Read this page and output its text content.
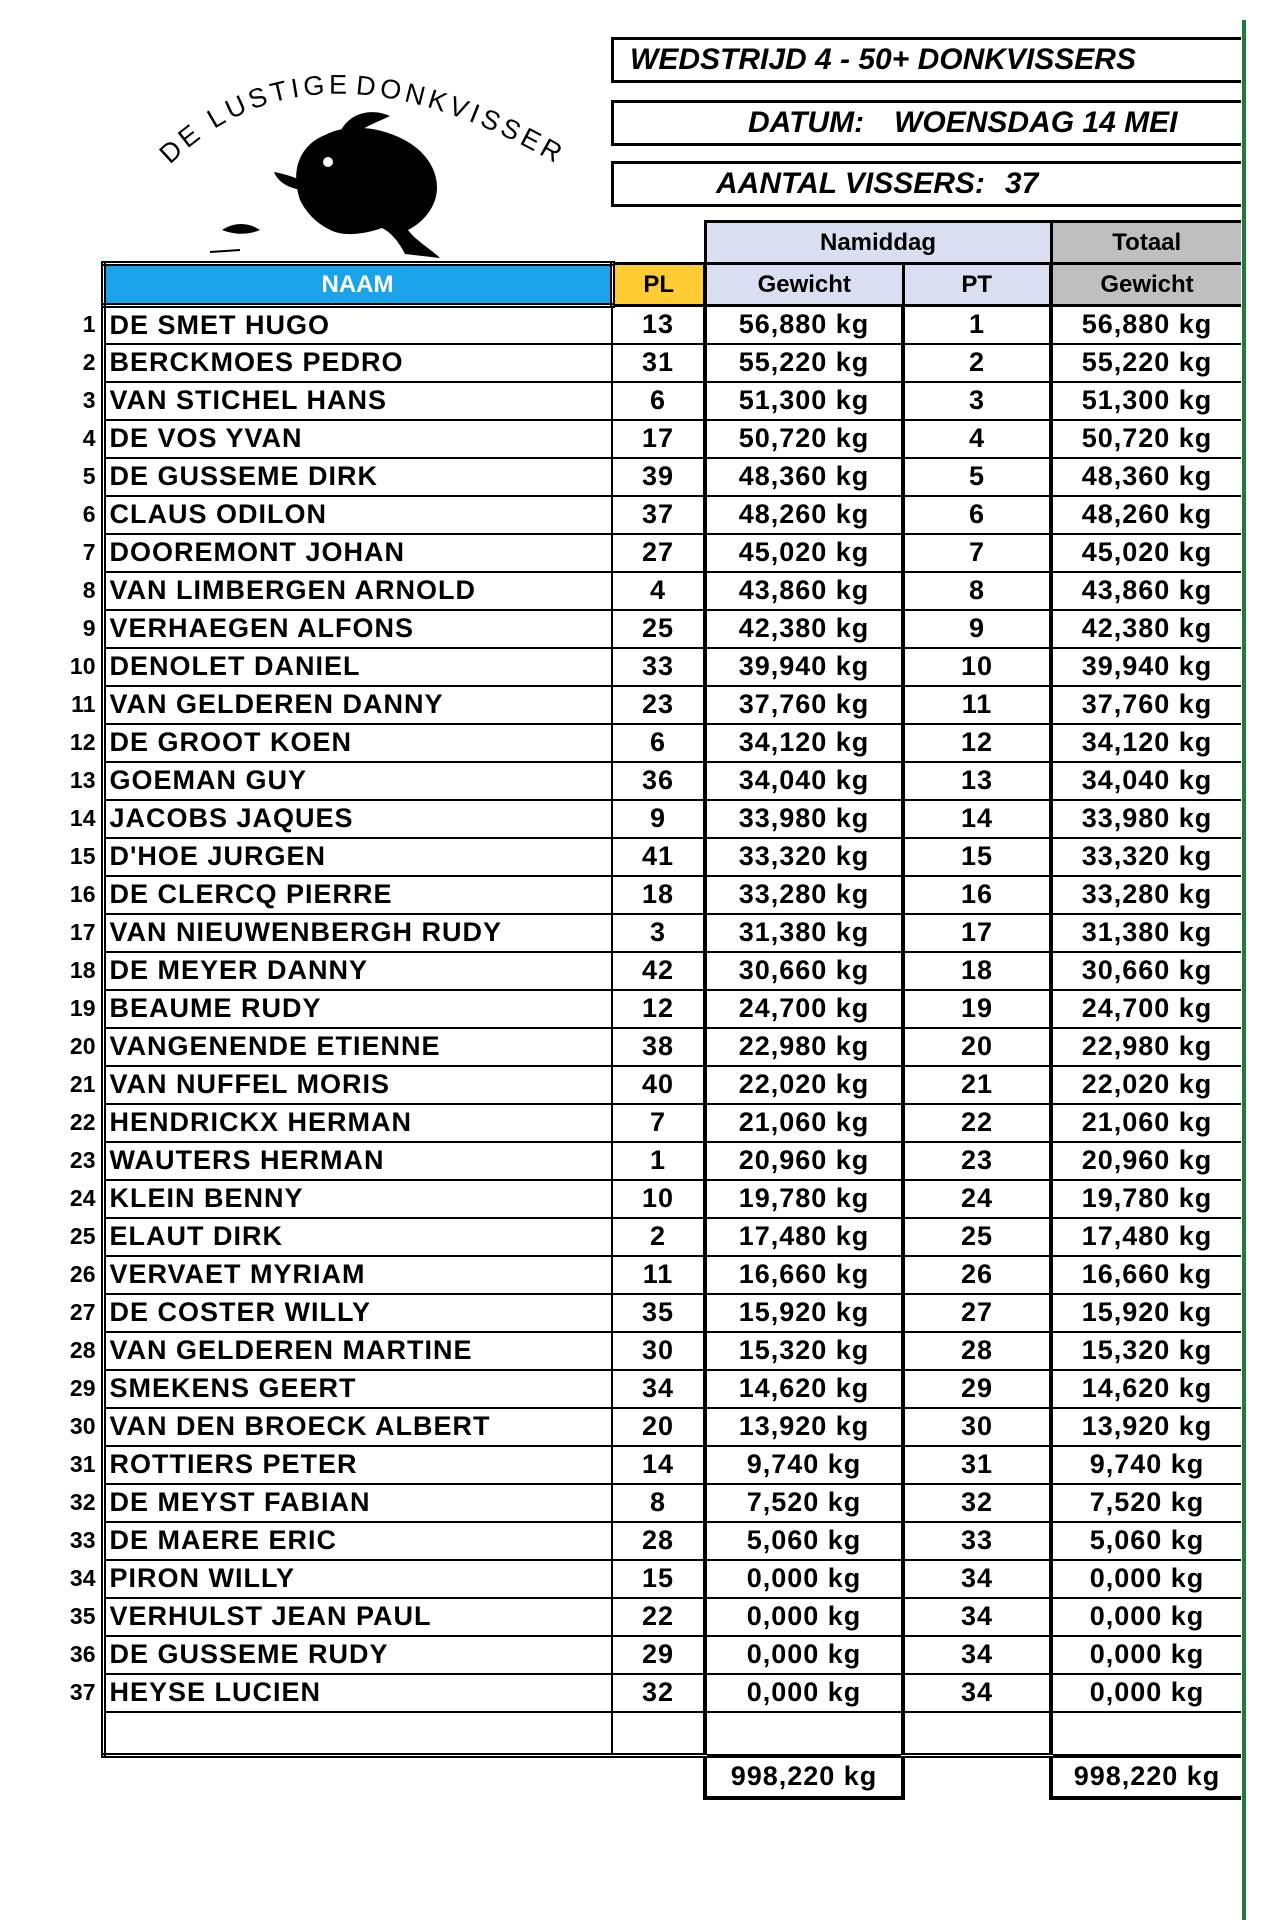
DE LUSTIGE DONKVISSER
WEDSTRIJD 4 - 50+ DONKVISSERS
DATUM: WOENSDAG 14 MEI
AANTAL VISSERS: 37
			Namiddag		Totaal
	NAAM	PL	Gewicht	PT	Gewicht
1	DE SMET HUGO	13	56,880 kg	1	56,880 kg
2	BERCKMOES PEDRO	31	55,220 kg	2	55,220 kg
3	VAN STICHEL HANS	6	51,300 kg	3	51,300 kg
4	DE VOS YVAN	17	50,720 kg	4	50,720 kg
5	DE GUSSEME DIRK	39	48,360 kg	5	48,360 kg
6	CLAUS ODILON	37	48,260 kg	6	48,260 kg
7	DOOREMONT JOHAN	27	45,020 kg	7	45,020 kg
8	VAN LIMBERGEN ARNOLD	4	43,860 kg	8	43,860 kg
9	VERHAEGEN ALFONS	25	42,380 kg	9	42,380 kg
10	DENOLET DANIEL	33	39,940 kg	10	39,940 kg
11	VAN GELDEREN DANNY	23	37,760 kg	11	37,760 kg
12	DE GROOT KOEN	6	34,120 kg	12	34,120 kg
13	GOEMAN GUY	36	34,040 kg	13	34,040 kg
14	JACOBS JAQUES	9	33,980 kg	14	33,980 kg
15	D'HOE JURGEN	41	33,320 kg	15	33,320 kg
16	DE CLERCQ PIERRE	18	33,280 kg	16	33,280 kg
17	VAN NIEUWENBERGH RUDY	3	31,380 kg	17	31,380 kg
18	DE MEYER DANNY	42	30,660 kg	18	30,660 kg
19	BEAUME RUDY	12	24,700 kg	19	24,700 kg
20	VANGENENDE ETIENNE	38	22,980 kg	20	22,980 kg
21	VAN NUFFEL MORIS	40	22,020 kg	21	22,020 kg
22	HENDRICKX HERMAN	7	21,060 kg	22	21,060 kg
23	WAUTERS HERMAN	1	20,960 kg	23	20,960 kg
24	KLEIN BENNY	10	19,780 kg	24	19,780 kg
25	ELAUT DIRK	2	17,480 kg	25	17,480 kg
26	VERVAET MYRIAM	11	16,660 kg	26	16,660 kg
27	DE COSTER WILLY	35	15,920 kg	27	15,920 kg
28	VAN GELDEREN MARTINE	30	15,320 kg	28	15,320 kg
29	SMEKENS GEERT	34	14,620 kg	29	14,620 kg
30	VAN DEN BROECK ALBERT	20	13,920 kg	30	13,920 kg
31	ROTTIERS PETER	14	9,740 kg	31	9,740 kg
32	DE MEYST FABIAN	8	7,520 kg	32	7,520 kg
33	DE MAERE ERIC	28	5,060 kg	33	5,060 kg
34	PIRON WILLY	15	0,000 kg	34	0,000 kg
35	VERHULST JEAN PAUL	22	0,000 kg	34	0,000 kg
36	DE GUSSEME RUDY	29	0,000 kg	34	0,000 kg
37	HEYSE LUCIEN	32	0,000 kg	34	0,000 kg

			998,220 kg		998,220 kg
